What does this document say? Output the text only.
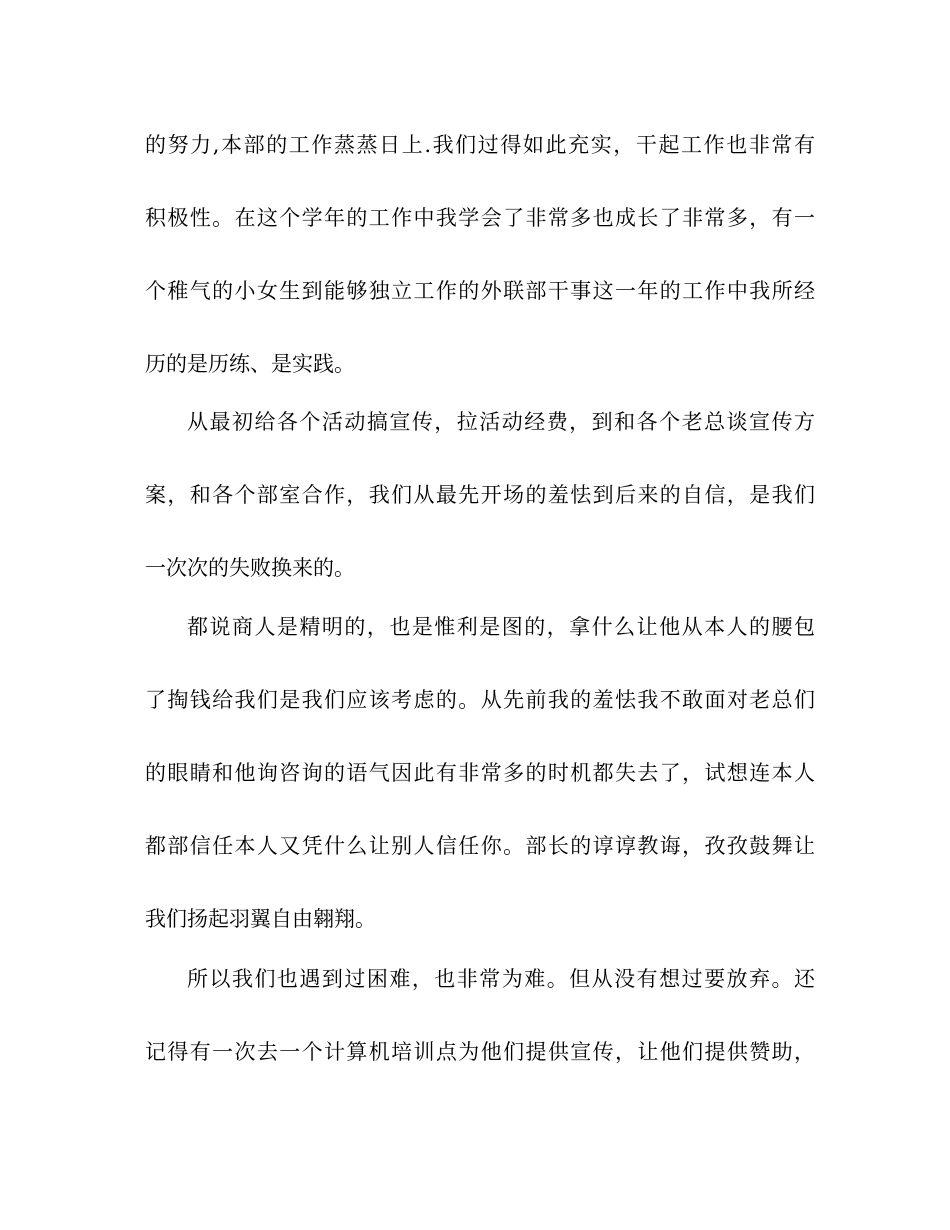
的努力,本部的工作蒸蒸日上.我们过得如此充实，干起工作也非常有
积极性。在这个学年的工作中我学会了非常多也成长了非常多，有一
个稚气的小女生到能够独立工作的外联部干事这一年的工作中我所经
历的是历练、是实践。
从最初给各个活动搞宣传，拉活动经费，到和各个老总谈宣传方
案，和各个部室合作，我们从最先开场的羞怯到后来的自信，是我们
一次次的失败换来的。
都说商人是精明的，也是惟利是图的，拿什么让他从本人的腰包
了掏钱给我们是我们应该考虑的。从先前我的羞怯我不敢面对老总们
的眼睛和他询咨询的语气因此有非常多的时机都失去了，试想连本人
都部信任本人又凭什么让别人信任你。部长的谆谆教诲，孜孜鼓舞让
我们扬起羽翼自由翱翔。
所以我们也遇到过困难，也非常为难。但从没有想过要放弃。还
记得有一次去一个计算机培训点为他们提供宣传，让他们提供赞助，
